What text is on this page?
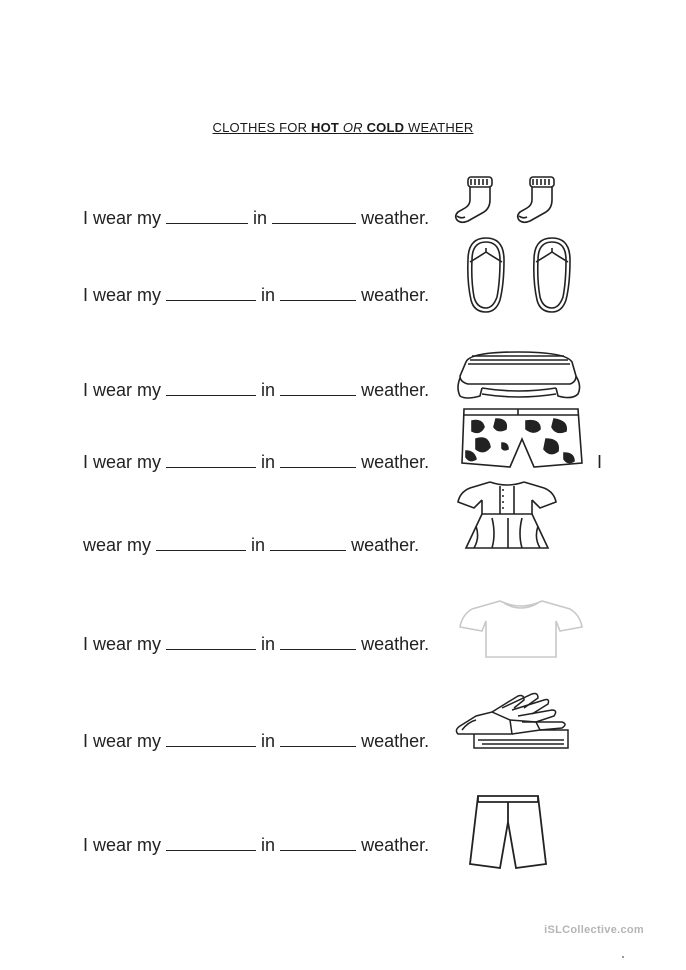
CLOTHES FOR HOT OR COLD WEATHER
I wear my	in	weather.
I wear my	in	weather.
I wear my	in	weather.
I wear my	in	weather.	I
wear my	in	weather.
I wear my	in	weather.
I wear my	in	weather.
I wear my	in	weather.
iSLCollective.com
